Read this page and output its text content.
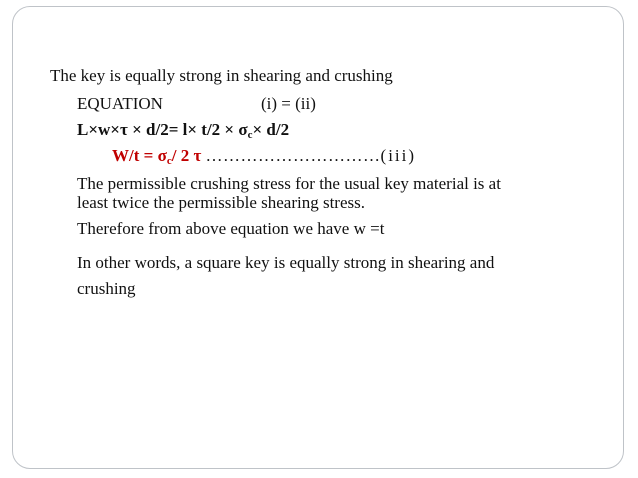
The key is equally strong in shearing and crushing
EQUATION	(i) = (ii)
$L\times w\times\tau \times d/2= l\times t/2 \times \sigma_c\times d/2$
$W/t = \sigma_c/$ 2 τ …………………………(iii)
The permissible crushing stress for the usual key material is at
least twice the permissible shearing stress.
Therefore from above equation we have w =t
In other words, a square key is equally strong in shearing and
crushing
